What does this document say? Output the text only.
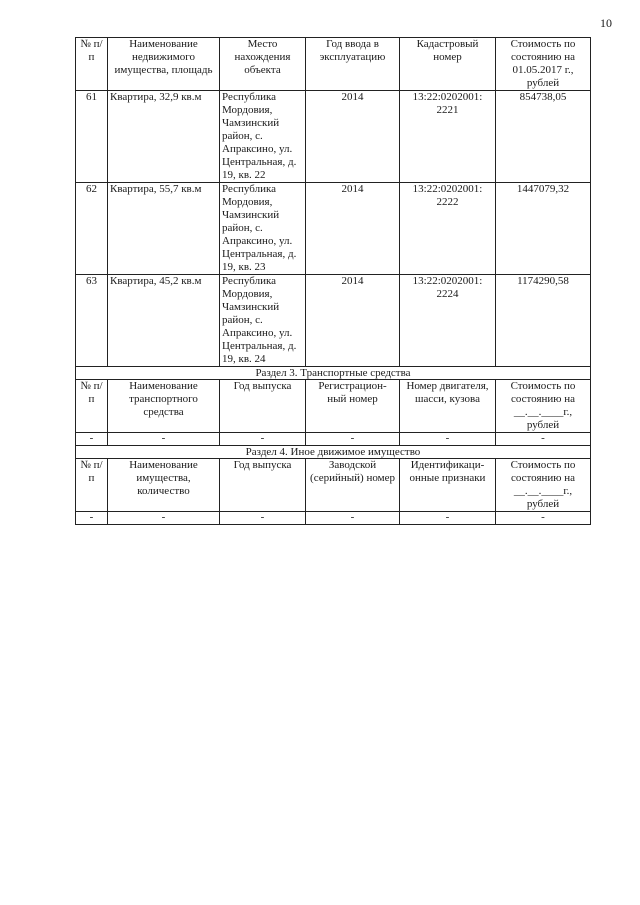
10
№ п/п	Наименование недвижимого имущества, площадь	Место нахождения объекта	Год ввода в эксплуатацию	Кадастровый номер	Стоимость по состоянию на 01.05.2017 г., рублей
61	Квартира, 32,9 кв.м	Республика Мордовия, Чамзинский район, с. Апраксино, ул. Центральная, д. 19, кв. 22	2014	13:22:0202001: 2221	854738,05
62	Квартира, 55,7 кв.м	Республика Мордовия, Чамзинский район, с. Апраксино, ул. Центральная, д. 19, кв. 23	2014	13:22:0202001: 2222	1447079,32
63	Квартира, 45,2 кв.м	Республика Мордовия, Чамзинский район, с. Апраксино, ул. Центральная, д. 19, кв. 24	2014	13:22:0202001: 2224	1174290,58
Раздел 3. Транспортные средства					
№ п/п	Наименование транспортного средства	Год выпуска	Регистрацион- ный номер	Номер двигателя, шасси, кузова	Стоимость по состоянию на __.__.____г., рублей
-	-	-	-	-	-
Раздел 4. Иное движимое имущество					
№ п/п	Наименование имущества, количество	Год выпуска	Заводской (серийный) номер	Идентификаци- онные признаки	Стоимость по состоянию на __.__.____г., рублей
-	-	-	-	-	-
